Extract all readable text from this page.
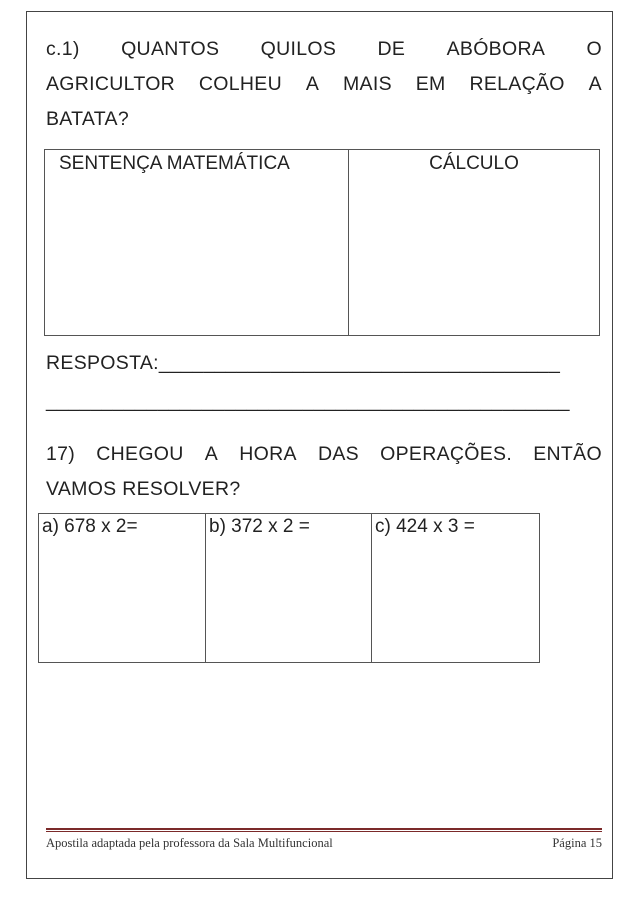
c.1) QUANTOS QUILOS DE ABÓBORA O
AGRICULTOR COLHEU A MAIS EM RELAÇÃO A
BATATA?
SENTENÇA MATEMÁTICA	CÁLCULO
RESPOSTA:____________________________________
_______________________________________________
17) CHEGOU A HORA DAS OPERAÇÕES. ENTÃO
VAMOS RESOLVER?
a) 678 x 2=	b) 372 x 2 =	c) 424 x 3 =
Apostila adaptada pela professora da Sala Multifuncional	Página 15
